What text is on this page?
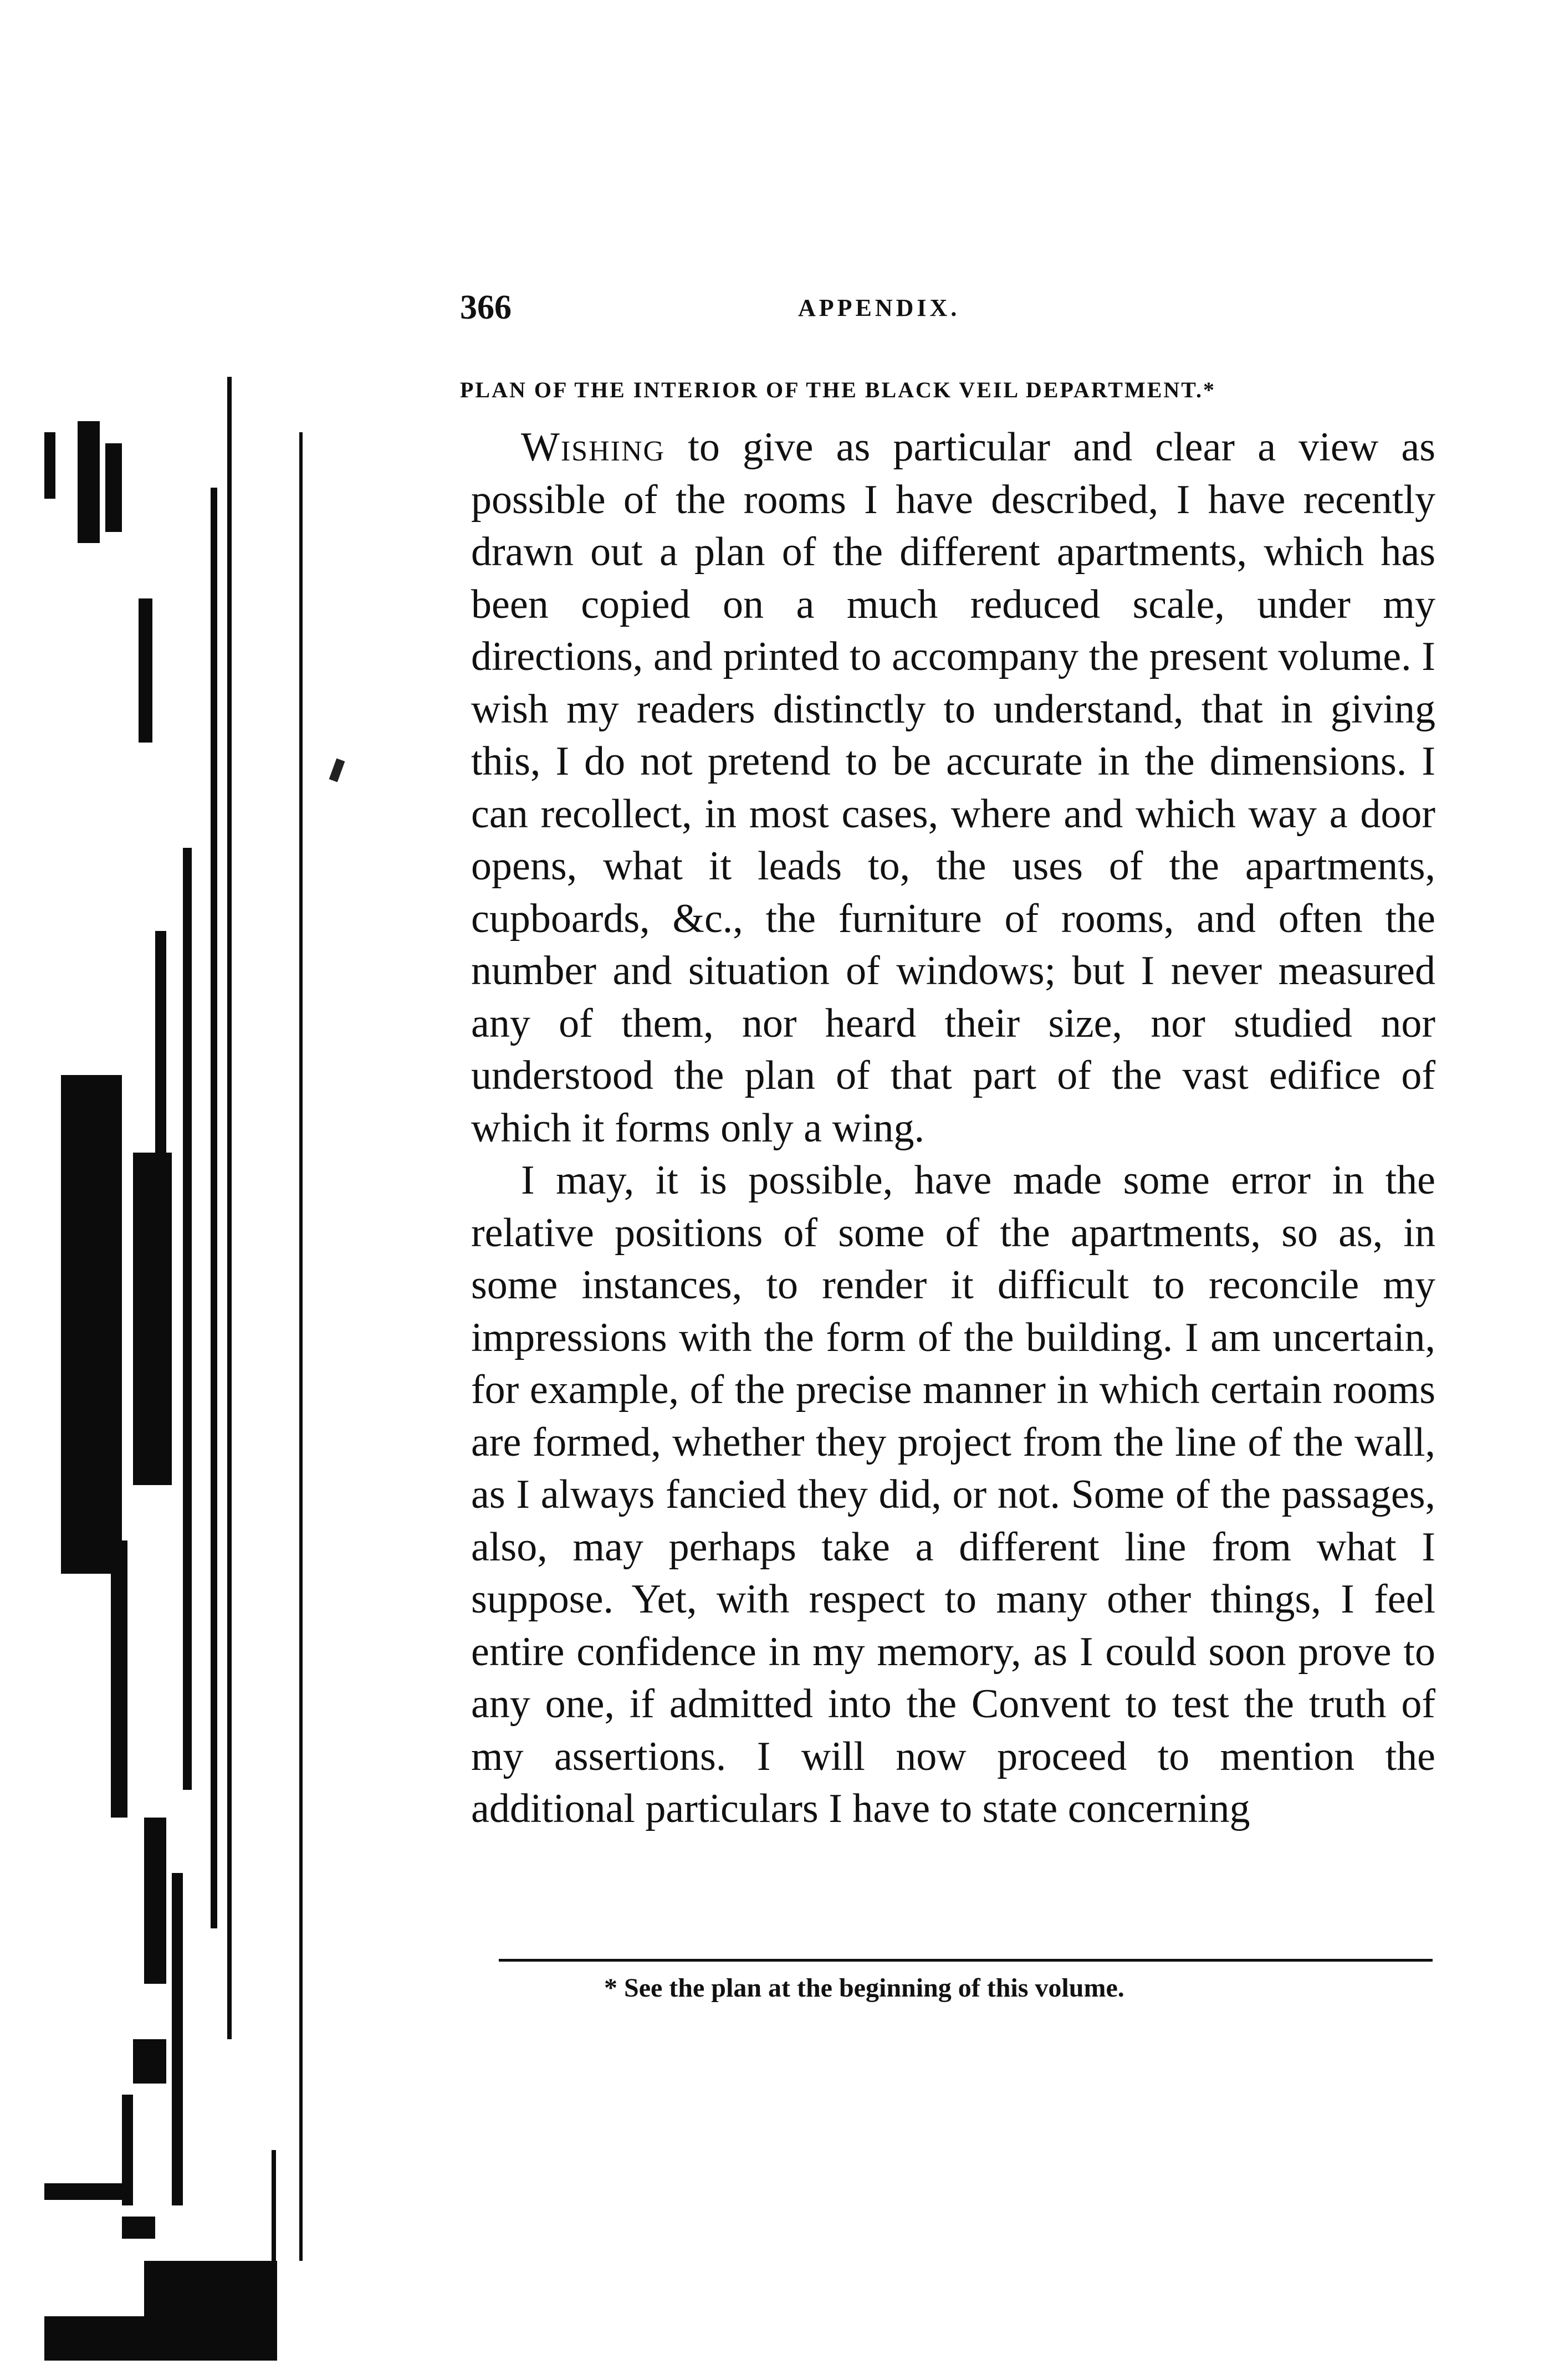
366	APPENDIX.
PLAN OF THE INTERIOR OF THE BLACK VEIL DEPARTMENT.*

Wishing to give as particular and clear a view as possible of the rooms I have described, I have recently drawn out a plan of the different apartments, which has been copied on a much reduced scale, under my directions, and printed to accompany the present volume. I wish my readers distinctly to understand, that in giving this, I do not pretend to be accurate in the dimensions. I can recollect, in most cases, where and which way a door opens, what it leads to, the uses of the apartments, cupboards, &c., the furniture of rooms, and often the number and situation of windows; but I never measured any of them, nor heard their size, nor studied nor understood the plan of that part of the vast edifice of which it forms only a wing.

I may, it is possible, have made some error in the relative positions of some of the apartments, so as, in some instances, to render it difficult to reconcile my impressions with the form of the building. I am uncertain, for example, of the precise manner in which certain rooms are formed, whether they project from the line of the wall, as I always fancied they did, or not. Some of the passages, also, may perhaps take a different line from what I suppose. Yet, with respect to many other things, I feel entire confidence in my memory, as I could soon prove to any one, if admitted into the Convent to test the truth of my assertions. I will now proceed to mention the additional particulars I have to state concerning

* See the plan at the beginning of this volume.
